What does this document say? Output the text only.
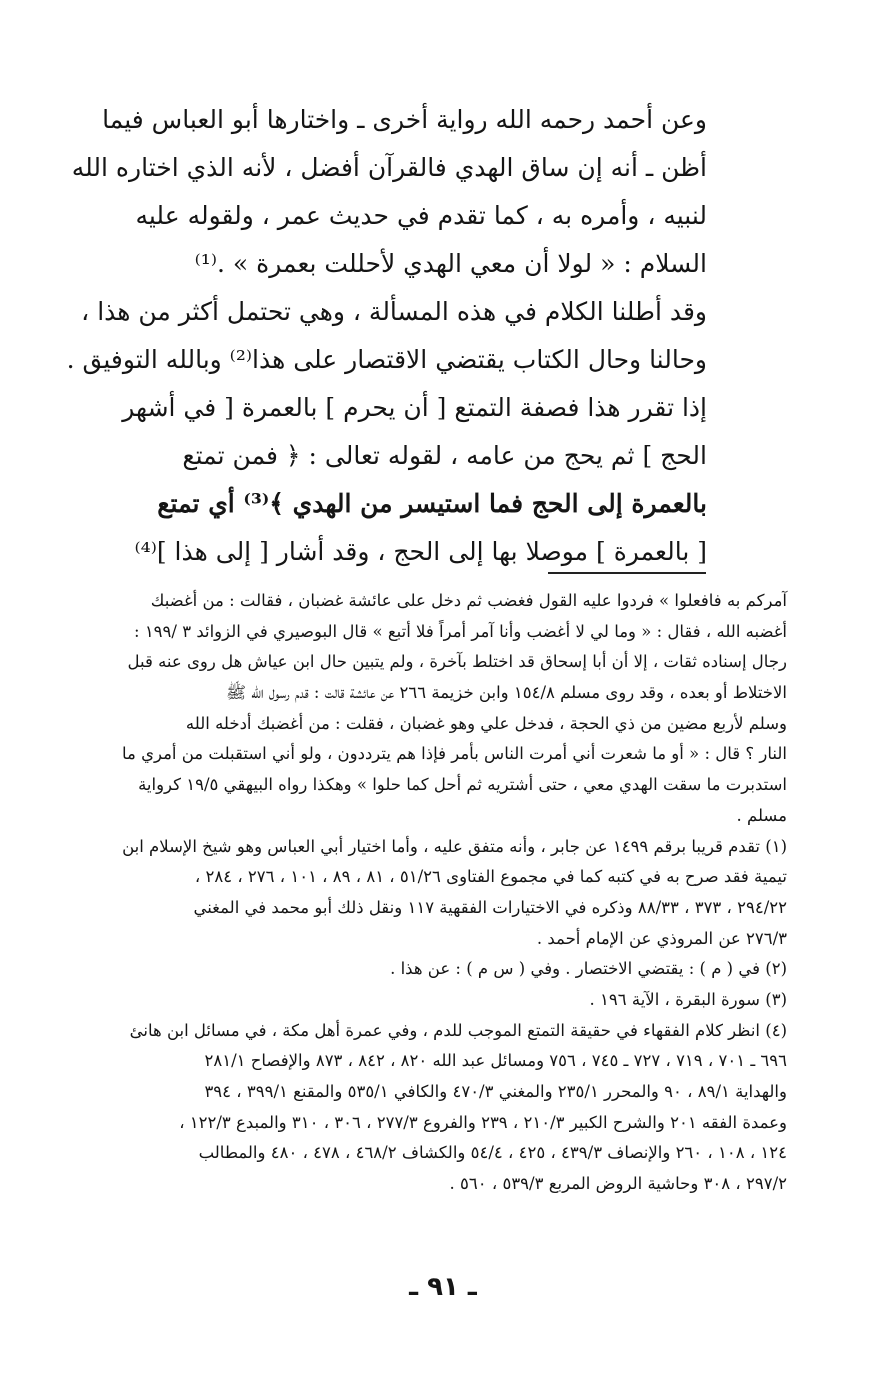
وعن أحمد رحمه الله رواية أخرى ـ واختارها أبو العباس فيما
أظن ـ أنه إن ساق الهدي فالقرآن أفضل ، لأنه الذي اختاره الله
لنبيه ، وأمره به ، كما تقدم في حديث عمر ، ولقوله عليه
السلام : « لولا أن معي الهدي لأحللت بعمرة » .⁽¹⁾
وقد أطلنا الكلام في هذه المسألة ، وهي تحتمل أكثر من هذا ،
وحالنا وحال الكتاب يقتضي الاقتصار على هذا⁽²⁾ وبالله التوفيق .
إذا تقرر هذا فصفة التمتع [ أن يحرم ] بالعمرة [ في أشهر
الحج ] ثم يحج من عامه ، لقوله تعالى : ﴿ فمن تمتع
بالعمرة إلى الحج فما استيسر من الهدي ﴾⁽³⁾ أي تمتع
[ بالعمرة ] موصلا بها إلى الحج ، وقد أشار [ إلى هذا ]⁽⁴⁾
آمركم به فافعلوا » فردوا عليه القول فغضب ثم دخل على عائشة غضبان ، فقالت : من أغضبك
أغضبه الله ، فقال : « وما لي لا أغضب وأنا آمر أمراً فلا أتبع » قال البوصيري في الزوائد ٣ /١٩٩ :
رجال إسناده ثقات ، إلا أن أبا إسحاق قد اختلط بآخرة ، ولم يتبين حال ابن عياش هل روى عنه قبل
الاختلاط أو بعده ، وقد روى مسلم ١٥٤/٨ وابن خزيمة ٢٦٦ عن عائشة قالت : قدم رسول الله ﷺ
وسلم لأربع مضين من ذي الحجة ، فدخل علي وهو غضبان ، فقلت : من أغضبك أدخله الله
النار ؟ قال : « أو ما شعرت أني أمرت الناس بأمر فإذا هم يترددون ، ولو أني استقبلت من أمري ما
استدبرت ما سقت الهدي معي ، حتى أشتريه ثم أحل كما حلوا » وهكذا رواه البيهقي ١٩/٥ كرواية
مسلم .
(١) تقدم قريبا برقم ١٤٩٩ عن جابر ، وأنه متفق عليه ، وأما اختيار أبي العباس وهو شيخ الإسلام ابن
تيمية فقد صرح به في كتبه كما في مجموع الفتاوى ٥١/٢٦ ، ٨١ ، ٨٩ ، ١٠١ ، ٢٧٦ ، ٢٨٤ ،
٢٩٤/٢٢ ، ٣٧٣ ، ٨٨/٣٣ وذكره في الاختيارات الفقهية ١١٧ ونقل ذلك أبو محمد في المغني
٢٧٦/٣ عن المروذي عن الإمام أحمد .
(٢) في ( م ) : يقتضي الاختصار . وفي ( س م ) : عن هذا .
(٣) سورة البقرة ، الآية ١٩٦ .
(٤) انظر كلام الفقهاء في حقيقة التمتع الموجب للدم ، وفي عمرة أهل مكة ، في مسائل ابن هانئ
٦٩٦ ـ ٧٠١ ، ٧١٩ ، ٧٢٧ ـ ٧٤٥ ، ٧٥٦ ومسائل عبد الله ٨٢٠ ، ٨٤٢ ، ٨٧٣ والإفصاح ٢٨١/١
والهداية ٨٩/١ ، ٩٠ والمحرر ٢٣٥/١ والمغني ٤٧٠/٣ والكافي ٥٣٥/١ والمقنع ٣٩٩/١ ، ٣٩٤
وعمدة الفقه ٢٠١ والشرح الكبير ٢١٠/٣ ، ٢٣٩ والفروع ٢٧٧/٣ ، ٣٠٦ ، ٣١٠ والمبدع ١٢٢/٣ ،
١٢٤ ، ١٠٨ ، ٢٦٠ والإنصاف ٤٣٩/٣ ، ٤٢٥ ، ٥٤/٤ والكشاف ٤٦٨/٢ ، ٤٧٨ ، ٤٨٠ والمطالب
٢٩٧/٢ ، ٣٠٨ وحاشية الروض المربع ٥٣٩/٣ ، ٥٦٠ .
ـ ٩١ ـ
